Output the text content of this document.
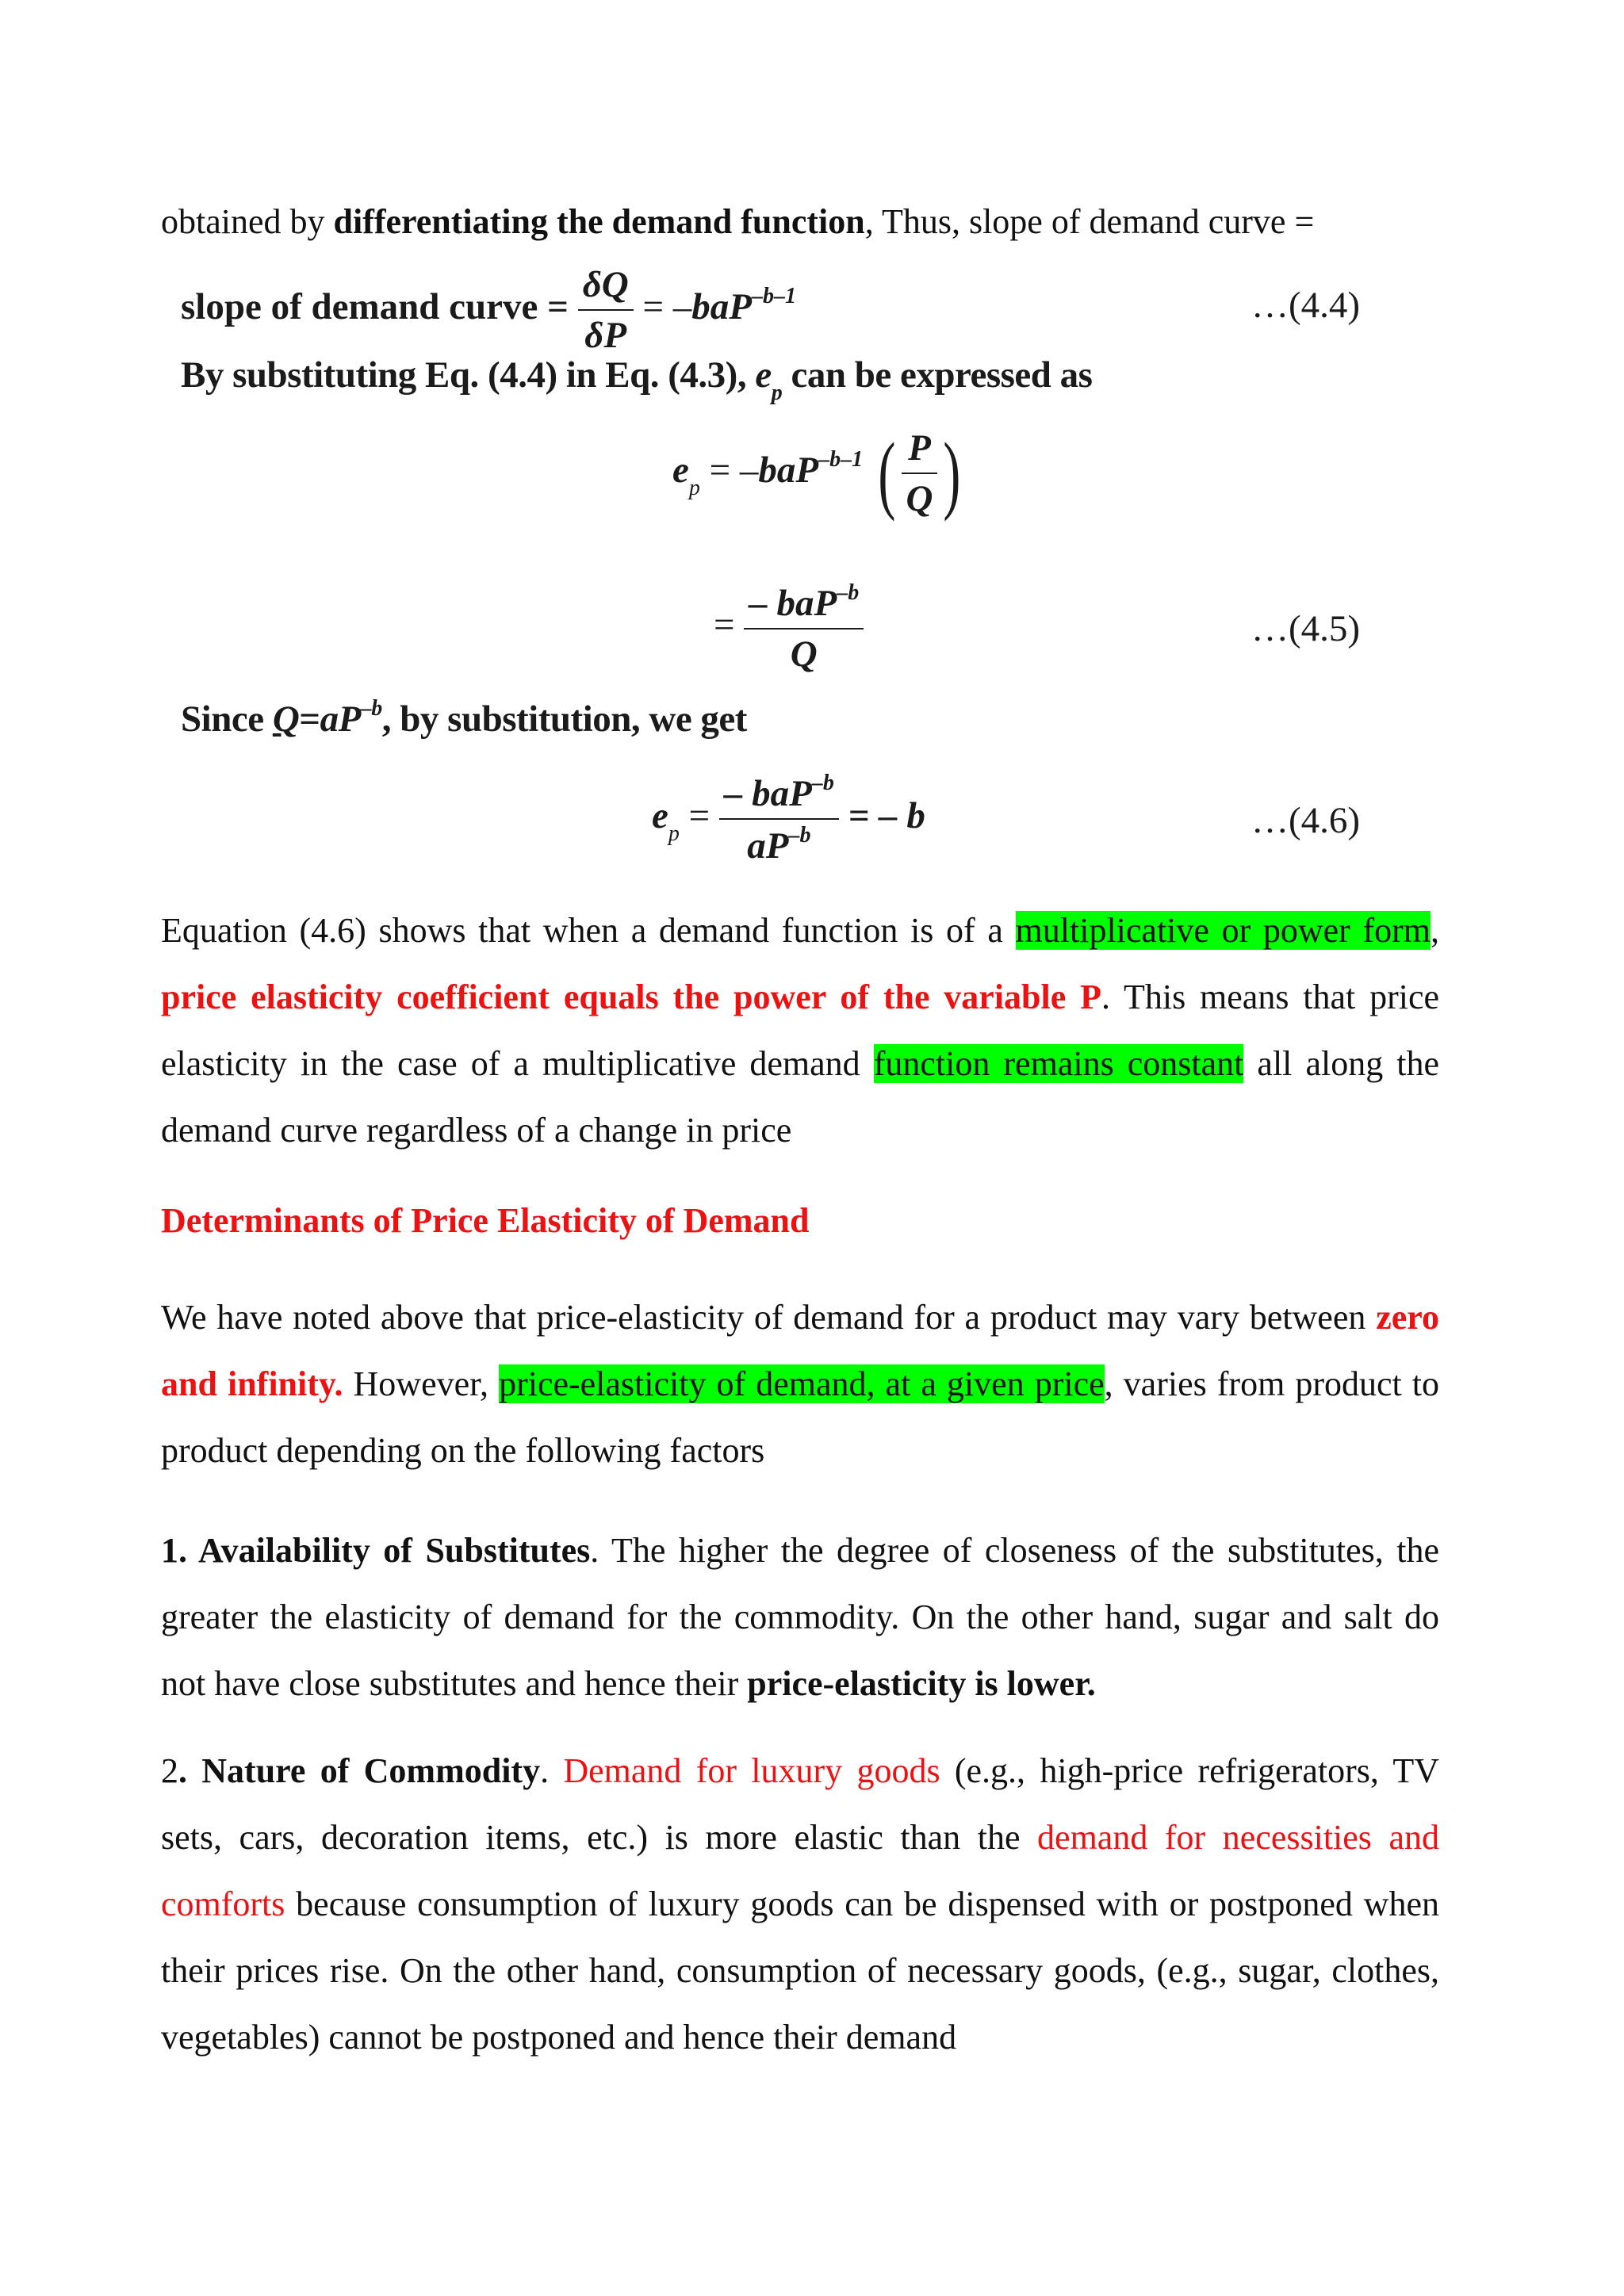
obtained by differentiating the demand function, Thus, slope of demand curve =

slope of demand curve = $\frac{\delta Q}{\delta P} = -baP^{-b-1}$	…(4.4)
By substituting Eq. (4.4) in Eq. (4.3), $e_p$ can be expressed as
$e_p = -baP^{-b-1}$ ( $\frac{P}{Q}$ )
= $\frac{- baP^{-b}}{Q}$	…(4.5)
Since $Q=aP^{-b}$, by substitution, we get
$e_p = \frac{- baP^{-b}}{aP^{-b}}$ = – b	…(4.6)

Equation (4.6) shows that when a demand function is of a multiplicative or power form, price elasticity coefficient equals the power of the variable P. This means that price elasticity in the case of a multiplicative demand function remains constant all along the demand curve regardless of a change in price

Determinants of Price Elasticity of Demand

We have noted above that price-elasticity of demand for a product may vary between zero and infinity. However, price-elasticity of demand, at a given price, varies from product to product depending on the following factors

1. Availability of Substitutes. The higher the degree of closeness of the substitutes, the greater the elasticity of demand for the commodity. On the other hand, sugar and salt do not have close substitutes and hence their price-elasticity is lower.

2. Nature of Commodity. Demand for luxury goods (e.g., high-price refrigerators, TV sets, cars, decoration items, etc.) is more elastic than the demand for necessities and comforts because consumption of luxury goods can be dispensed with or postponed when their prices rise. On the other hand, consumption of necessary goods, (e.g., sugar, clothes, vegetables) cannot be postponed and hence their demand
